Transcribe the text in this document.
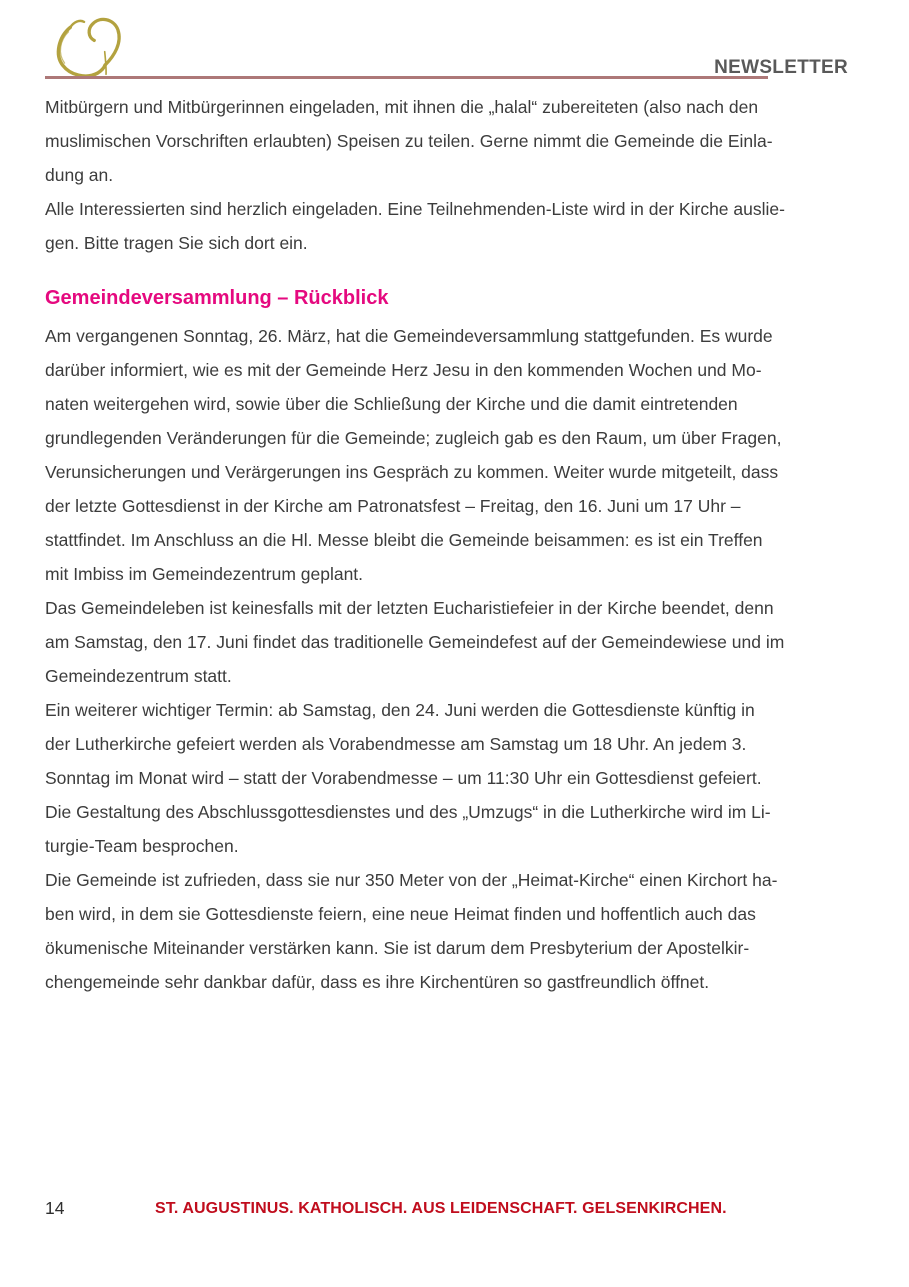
NEWSLETTER
Mitbürgern und Mitbürgerinnen eingeladen, mit ihnen die „halal“ zubereiteten (also nach den
muslimischen Vorschriften erlaubten) Speisen zu teilen. Gerne nimmt die Gemeinde die Einla-
dung an.
Alle Interessierten sind herzlich eingeladen. Eine Teilnehmenden-Liste wird in der Kirche auslie-
gen. Bitte tragen Sie sich dort ein.
Gemeindeversammlung – Rückblick
Am vergangenen Sonntag, 26. März, hat die Gemeindeversammlung stattgefunden. Es wurde
darüber informiert, wie es mit der Gemeinde Herz Jesu in den kommenden Wochen und Mo-
naten weitergehen wird, sowie über die Schließung der Kirche und die damit eintretenden
grundlegenden Veränderungen für die Gemeinde; zugleich gab es den Raum, um über Fragen,
Verunsicherungen und Verärgerungen ins Gespräch zu kommen. Weiter wurde mitgeteilt, dass
der letzte Gottesdienst in der Kirche am Patronatsfest – Freitag, den 16. Juni um 17 Uhr –
stattfindet. Im Anschluss an die Hl. Messe bleibt die Gemeinde beisammen: es ist ein Treffen
mit Imbiss im Gemeindezentrum geplant.
Das Gemeindeleben ist keinesfalls mit der letzten Eucharistiefeier in der Kirche beendet, denn
am Samstag, den 17. Juni findet das traditionelle Gemeindefest auf der Gemeindewiese und im
Gemeindezentrum statt.
Ein weiterer wichtiger Termin: ab Samstag, den 24. Juni werden die Gottesdienste künftig in
der Lutherkirche gefeiert werden als Vorabendmesse am Samstag um 18 Uhr. An jedem 3.
Sonntag im Monat wird – statt der Vorabendmesse – um 11:30 Uhr ein Gottesdienst gefeiert.
Die Gestaltung des Abschlussgottesdienstes und des „Umzugs“ in die Lutherkirche wird im Li-
turgie-Team besprochen.
Die Gemeinde ist zufrieden, dass sie nur 350 Meter von der „Heimat-Kirche“ einen Kirchort ha-
ben wird, in dem sie Gottesdienste feiern, eine neue Heimat finden und hoffentlich auch das
ökumenische Miteinander verstärken kann. Sie ist darum dem Presbyterium der Apostelkir-
chengemeinde sehr dankbar dafür, dass es ihre Kirchentüren so gastfreundlich öffnet.
14	ST. AUGUSTINUS. KATHOLISCH. AUS LEIDENSCHAFT. GELSENKIRCHEN.
